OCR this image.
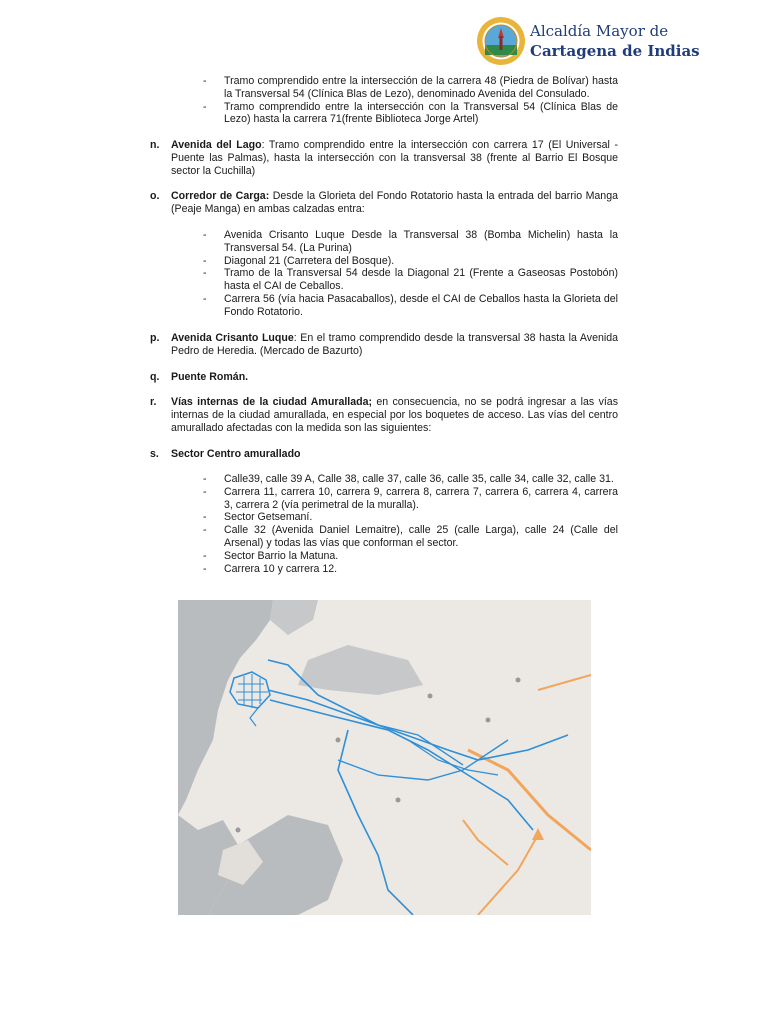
Alcaldía Mayor de
Cartagena de Indias
- Tramo comprendido entre la intersección de la carrera 48 (Piedra de Bolívar) hasta la Transversal 54 (Clínica Blas de Lezo), denominado Avenida del Consulado.
- Tramo comprendido entre la intersección con la Transversal 54 (Clínica Blas de Lezo) hasta la carrera 71(frente Biblioteca Jorge Artel)
n. Avenida del Lago: Tramo comprendido entre la intersección con carrera 17 (El Universal - Puente las Palmas), hasta la intersección con la transversal 38 (frente al Barrio El Bosque sector la Cuchilla)
o. Corredor de Carga: Desde la Glorieta del Fondo Rotatorio hasta la entrada del barrio Manga (Peaje Manga) en ambas calzadas entra:
- Avenida Crisanto Luque Desde la Transversal 38 (Bomba Michelin) hasta la Transversal 54. (La Purina)
- Diagonal 21 (Carretera del Bosque).
- Tramo de la Transversal 54 desde la Diagonal 21 (Frente a Gaseosas Postobón) hasta el CAI de Ceballos.
- Carrera 56 (vía hacia Pasacaballos), desde el CAI de Ceballos hasta la Glorieta del Fondo Rotatorio.
p. Avenida Crisanto Luque: En el tramo comprendido desde la transversal 38 hasta la Avenida Pedro de Heredia. (Mercado de Bazurto)
q. Puente Román.
r. Vías internas de la ciudad Amurallada; en consecuencia, no se podrá ingresar a las vías internas de la ciudad amurallada, en especial por los boquetes de acceso. Las vías del centro amurallado afectadas con la medida son las siguientes:
s. Sector Centro amurallado
- Calle39, calle 39 A, Calle 38, calle 37, calle 36, calle 35, calle 34, calle 32, calle 31.
- Carrera 11, carrera 10, carrera 9, carrera 8, carrera 7, carrera 6, carrera 4, carrera 3, carrera 2 (vía perimetral de la muralla).
- Sector Getsemaní.
- Calle 32 (Avenida Daniel Lemaitre), calle 25 (calle Larga), calle 24 (Calle del Arsenal) y todas las vías que conforman el sector.
- Sector Barrio la Matuna.
- Carrera 10 y carrera 12.
